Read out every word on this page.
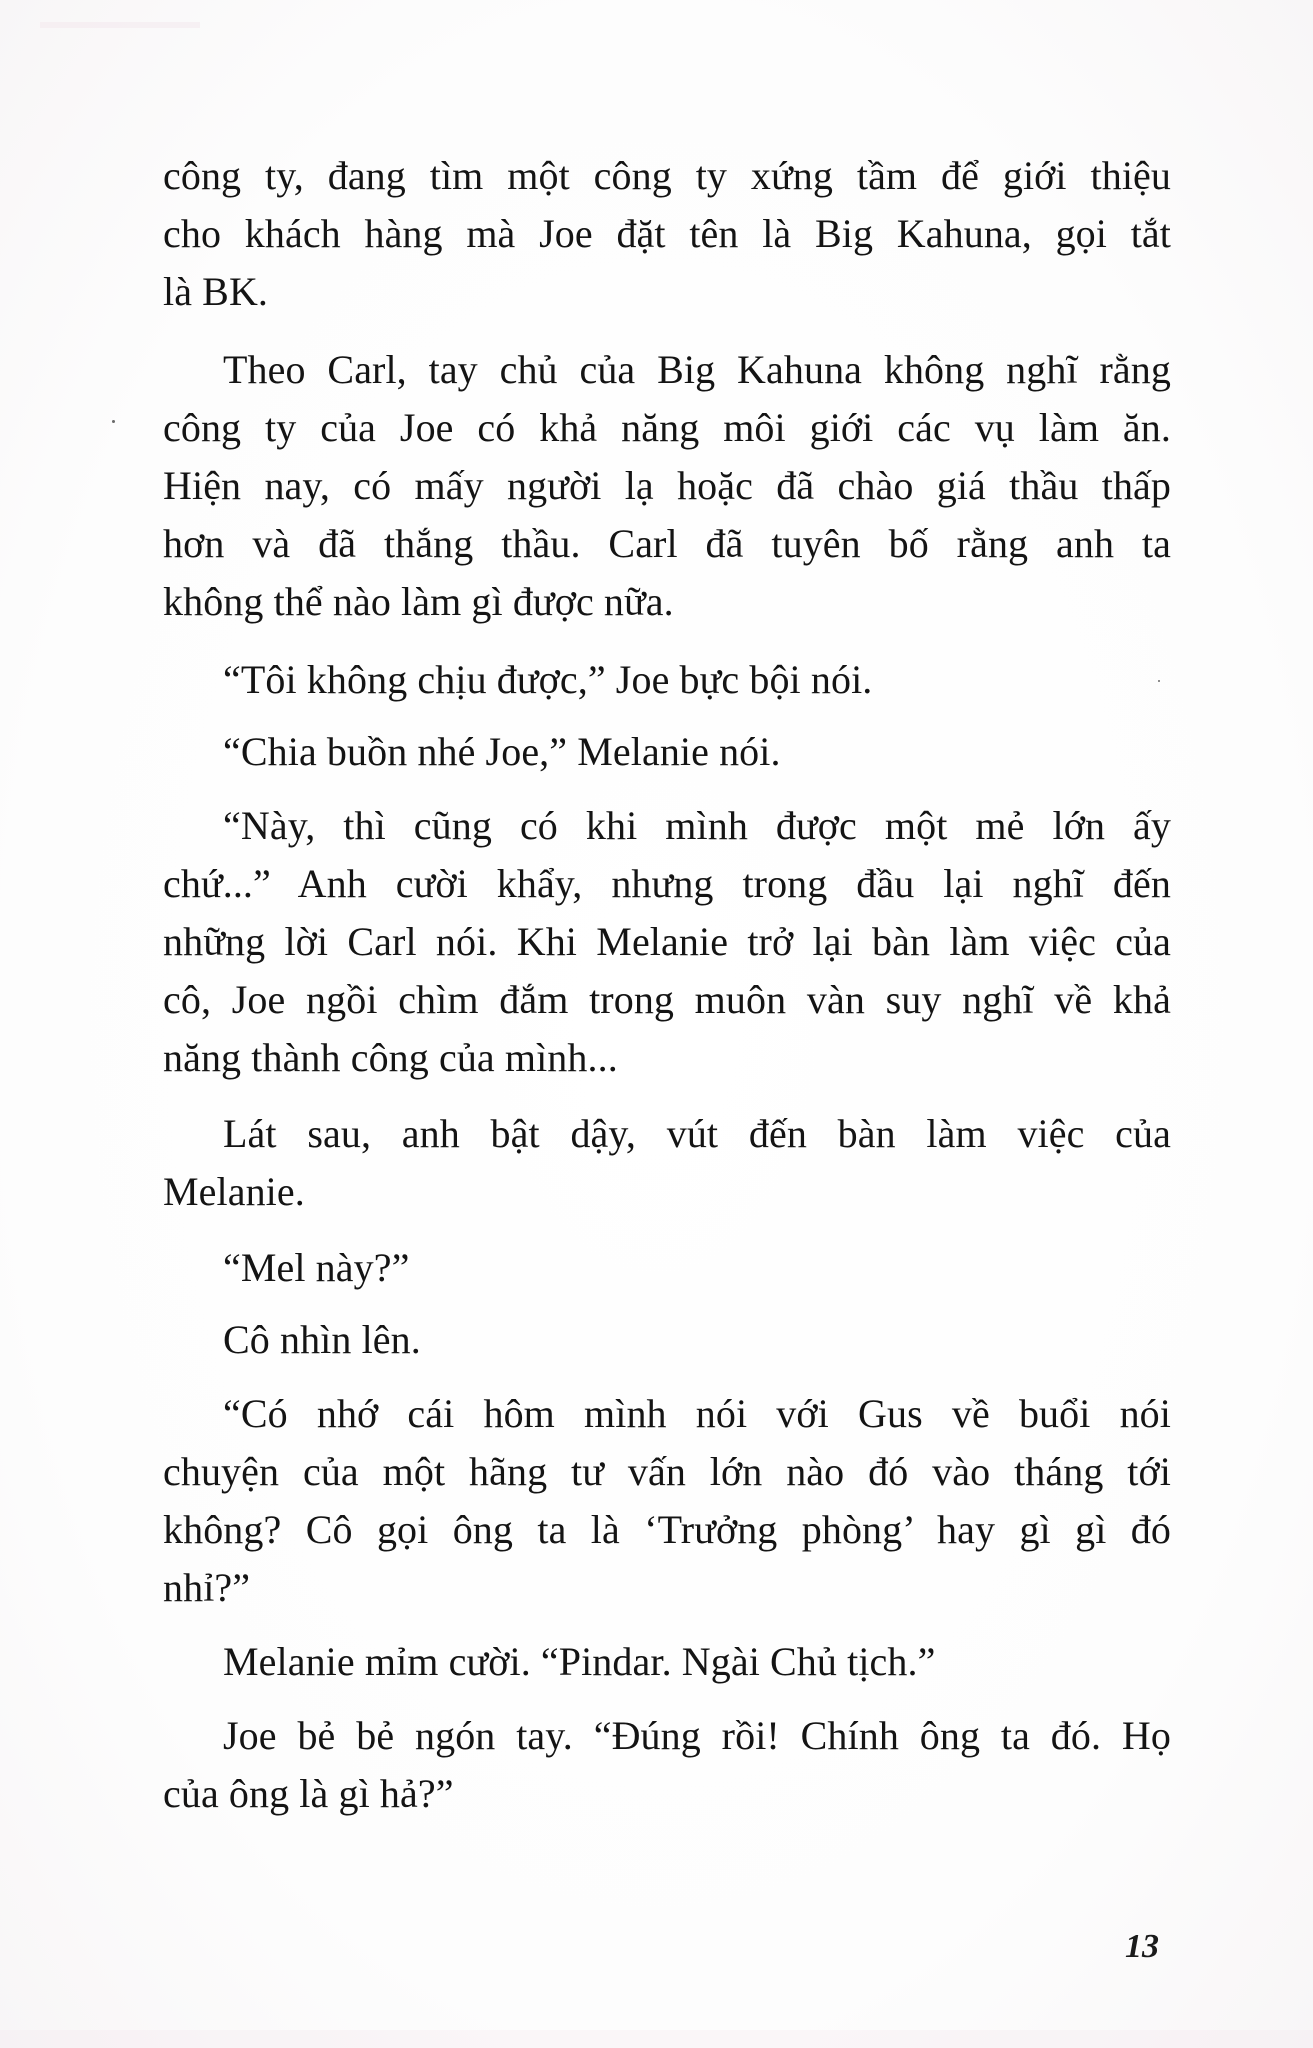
công ty, đang tìm một công ty xứng tầm để giới thiệu
cho khách hàng mà Joe đặt tên là Big Kahuna, gọi tắt
là BK.
Theo Carl, tay chủ của Big Kahuna không nghĩ rằng
công ty của Joe có khả năng môi giới các vụ làm ăn.
Hiện nay, có mấy người lạ hoặc đã chào giá thầu thấp
hơn và đã thắng thầu. Carl đã tuyên bố rằng anh ta
không thể nào làm gì được nữa.
“Tôi không chịu được,” Joe bực bội nói.
“Chia buồn nhé Joe,” Melanie nói.
“Này, thì cũng có khi mình được một mẻ lớn ấy
chứ...” Anh cười khẩy, nhưng trong đầu lại nghĩ đến
những lời Carl nói. Khi Melanie trở lại bàn làm việc của
cô, Joe ngồi chìm đắm trong muôn vàn suy nghĩ về khả
năng thành công của mình...
Lát sau, anh bật dậy, vút đến bàn làm việc của
Melanie.
“Mel này?”
Cô nhìn lên.
“Có nhớ cái hôm mình nói với Gus về buổi nói
chuyện của một hãng tư vấn lớn nào đó vào tháng tới
không? Cô gọi ông ta là ‘Trưởng phòng’ hay gì gì đó
nhỉ?”
Melanie mỉm cười. “Pindar. Ngài Chủ tịch.”
Joe bẻ bẻ ngón tay. “Đúng rồi! Chính ông ta đó. Họ
của ông là gì hả?”
13
